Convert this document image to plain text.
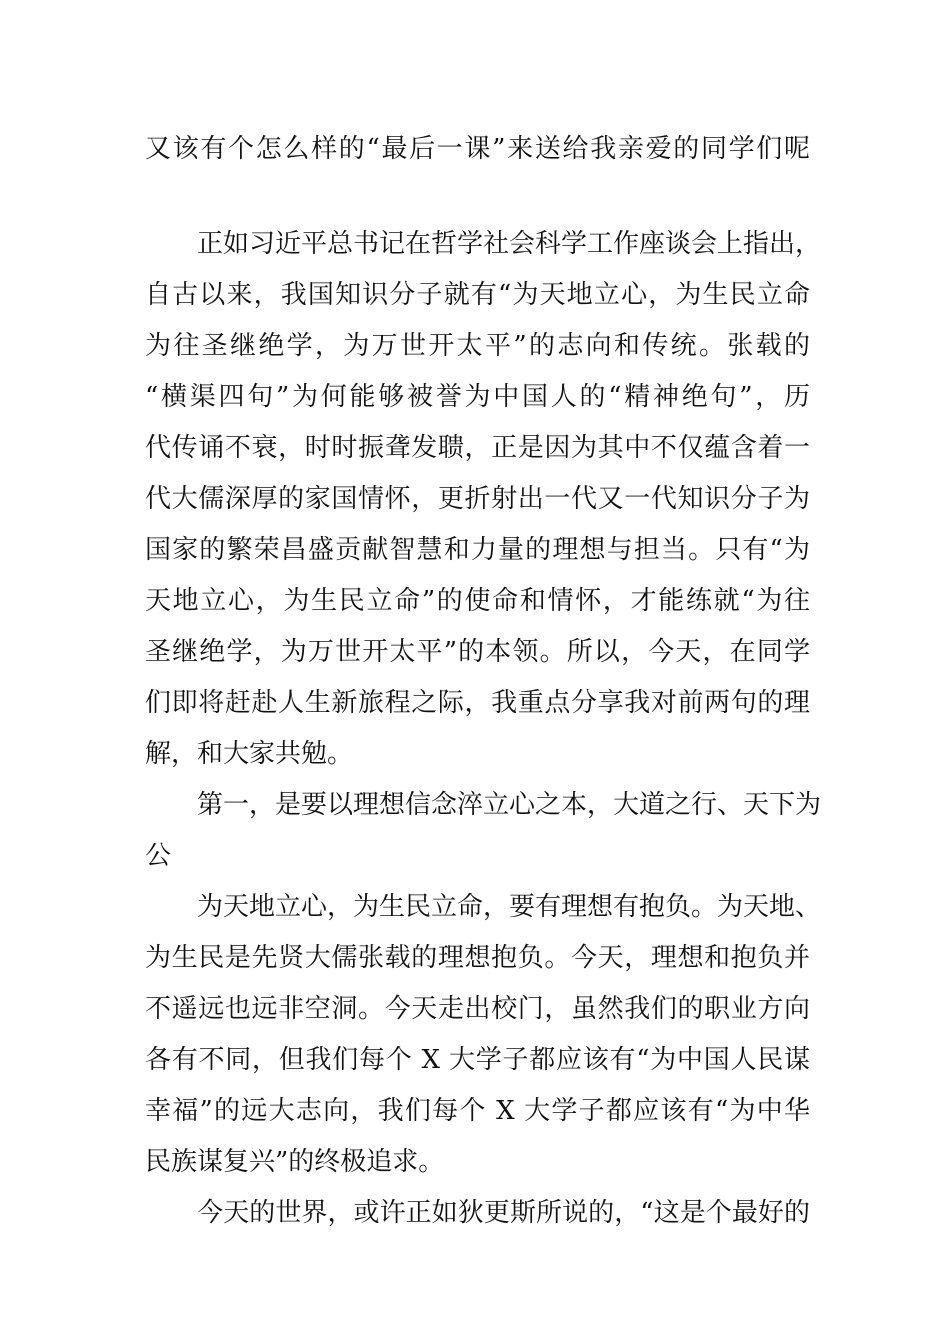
又该有个怎么样的“最后一课”来送给我亲爱的同学们呢
　　正如习近平总书记在哲学社会科学工作座谈会上指出，
自古以来，我国知识分子就有“为天地立心，为生民立命
为往圣继绝学，为万世开太平”的志向和传统。张载的
“横渠四句”为何能够被誉为中国人的“精神绝句”，历
代传诵不衰，时时振聋发聩，正是因为其中不仅蕴含着一
代大儒深厚的家国情怀，更折射出一代又一代知识分子为
国家的繁荣昌盛贡献智慧和力量的理想与担当。只有“为
天地立心，为生民立命”的使命和情怀，才能练就“为往
圣继绝学，为万世开太平”的本领。所以，今天，在同学
们即将赶赴人生新旅程之际，我重点分享我对前两句的理
解，和大家共勉。
　　第一，是要以理想信念淬立心之本，大道之行、天下为
公
　　为天地立心，为生民立命，要有理想有抱负。为天地、
为生民是先贤大儒张载的理想抱负。今天，理想和抱负并
不遥远也远非空洞。今天走出校门，虽然我们的职业方向
各有不同，但我们每个 X 大学子都应该有“为中国人民谋
幸福”的远大志向，我们每个 X 大学子都应该有“为中华
民族谋复兴”的终极追求。
　　今天的世界，或许正如狄更斯所说的，“这是个最好的
